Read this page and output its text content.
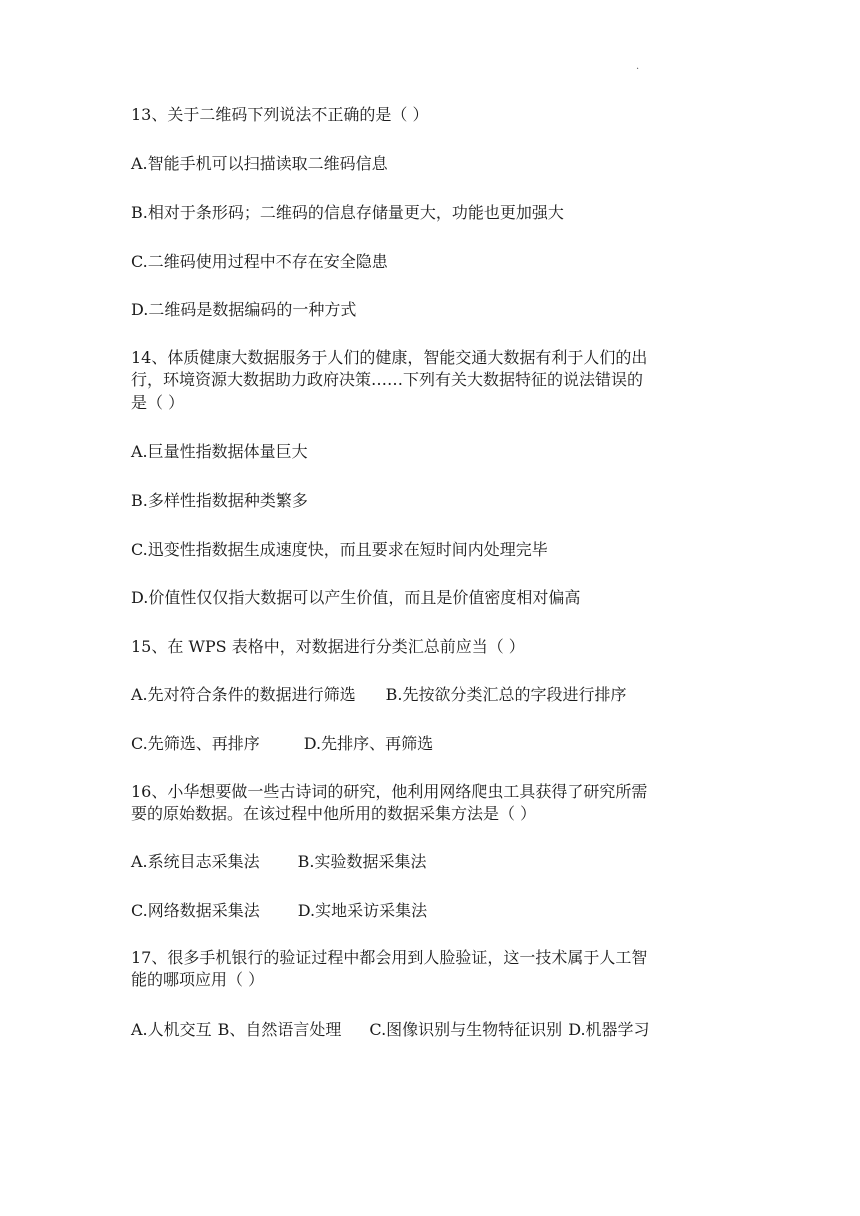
·
13、关于二维码下列说法不正确的是（ ）
A.智能手机可以扫描读取二维码信息
B.相对于条形码；二维码的信息存储量更大，功能也更加强大
C.二维码使用过程中不存在安全隐患
D.二维码是数据编码的一种方式
14、体质健康大数据服务于人们的健康，智能交通大数据有利于人们的出
行，环境资源大数据助力政府决策……下列有关大数据特征的说法错误的
是（ ）
A.巨量性指数据体量巨大
B.多样性指数据种类繁多
C.迅变性指数据生成速度快，而且要求在短时间内处理完毕
D.价值性仅仅指大数据可以产生价值，而且是价值密度相对偏高
15、在 WPS 表格中，对数据进行分类汇总前应当（ ）
A.先对符合条件的数据进行筛选 B.先按欲分类汇总的字段进行排序
C.先筛选、再排序	D.先排序、再筛选
16、小华想要做一些古诗词的研究，他利用网络爬虫工具获得了研究所需
要的原始数据。在该过程中他所用的数据采集方法是（ ）
A.系统目志采集法 B.实验数据采集法
C.网络数据采集法 D.实地采访采集法
17、很多手机银行的验证过程中都会用到人脸验证，这一技术属于人工智
能的哪项应用（ ）
A.人机交互 B、自然语言处理 C.图像识别与生物特征识别 D.机器学习
